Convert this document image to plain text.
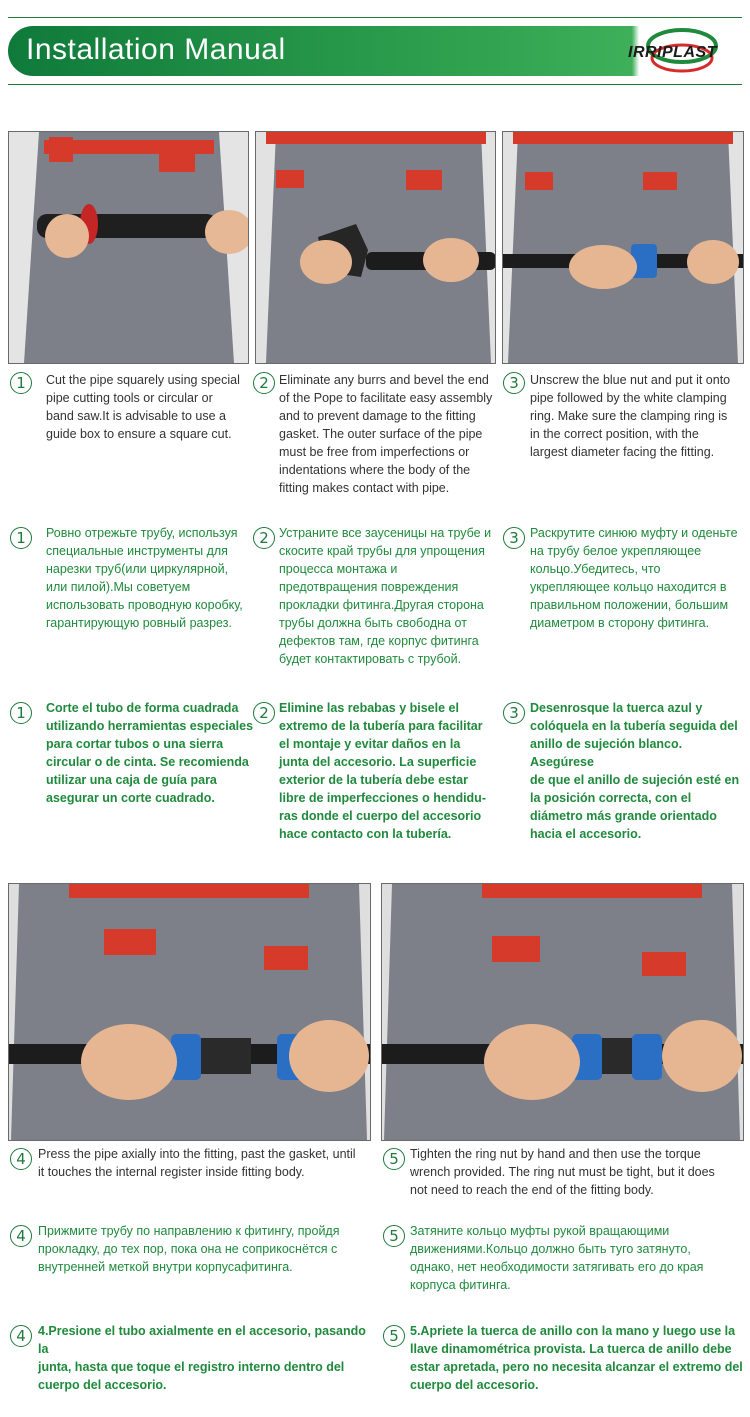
Installation Manual	IRRIPLAST
1	Cut the pipe squarely using special
pipe cutting tools or circular or
band saw.It is advisable to use a
guide box to ensure a square cut.
2 Eliminate any burrs and bevel the end
of the Pope to facilitate easy assembly
and to prevent damage to the fitting
gasket. The outer surface of the pipe
must be free from imperfections or
indentations where the body of the
fitting makes contact with pipe.
3 Unscrew the blue nut and put it onto
pipe followed by the white clamping
ring. Make sure the clamping ring is
in the correct position, with the
largest diameter facing the fitting.
1	Ровно отрежьте трубу, используя
специальные инструменты для
нарезки труб(или циркулярной,
или пилой).Мы советуем
использовать проводную коробку,
гарантирующую ровный разрез.
2 Устраните все заусеницы на трубе и
скосите край трубы для упрощения
процесса монтажа и
предотвращения повреждения
прокладки фитинга.Другая сторона
трубы должна быть свободна от
дефектов там, где корпус фитинга
будет контактировать с трубой.
3 Раскрутите синюю муфту и оденьте
на трубу белое укрепляющее
кольцо.Убедитесь, что
укрепляющее кольцо находится в
правильном положении, большим
диаметром в сторону фитинга.
1	Corte el tubo de forma cuadrada
utilizando herramientas especiales
para cortar tubos o una sierra
circular o de cinta. Se recomienda
utilizar una caja de guía para
asegurar un corte cuadrado.
2 Elimine las rebabas y bisele el
extremo de la tubería para facilitar
el montaje y evitar daños en la
junta del accesorio. La superficie
exterior de la tubería debe estar
libre de imperfecciones o hendidu-
ras donde el cuerpo del accesorio
hace contacto con la tubería.
3 Desenrosque la tuerca azul y
colóquela en la tubería seguida del
anillo de sujeción blanco. Asegúrese
de que el anillo de sujeción esté en
la posición correcta, con el
diámetro más grande orientado
hacia el accesorio.
4 Press the pipe axially into the fitting, past the gasket, until
it touches the internal register inside fitting body.
5 Tighten the ring nut by hand and then use the torque
wrench provided. The ring nut must be tight, but it does
not need to reach the end of the fitting body.
4 Прижмите трубу по направлению к фитингу, пройдя
прокладку, до тех пор, пока она не соприкоснётся с
внутренней меткой внутри корпусафитинга.
5 Затяните кольцо муфты рукой вращающими
движениями.Кольцо должно быть туго затянуто,
однако, нет необходимости затягивать его до края
корпуса фитинга.
4 4.Presione el tubo axialmente en el accesorio, pasando la
junta, hasta que toque el registro interno dentro del
cuerpo del accesorio.
5 5.Apriete la tuerca de anillo con la mano y luego use la
llave dinamométrica provista. La tuerca de anillo debe
estar apretada, pero no necesita alcanzar el extremo del
cuerpo del accesorio.
